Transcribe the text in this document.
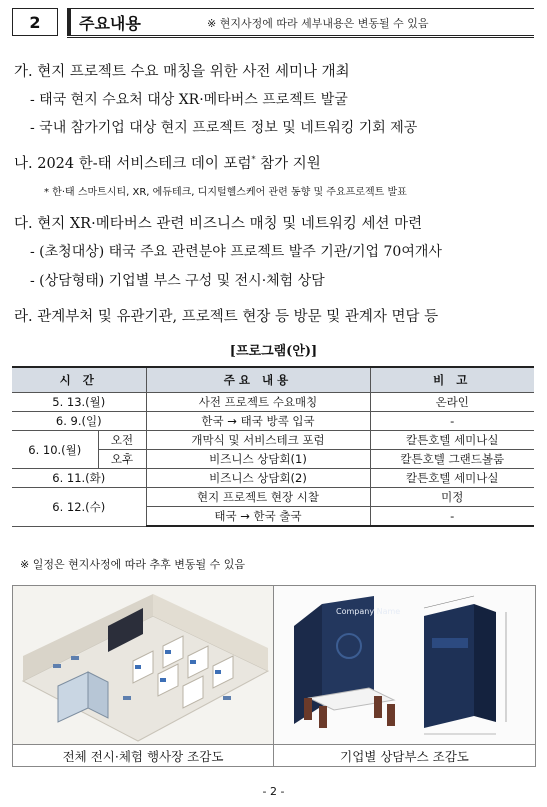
2	주요내용	※ 현지사정에 따라 세부내용은 변동될 수 있음
가. 현지 프로젝트 수요 매칭을 위한 사전 세미나 개최
- 태국 현지 수요처 대상 XR·메타버스 프로젝트 발굴
- 국내 참가기업 대상 현지 프로젝트 정보 및 네트워킹 기회 제공
나. 2024 한-태 서비스테크 데이 포럼* 참가 지원
* 한·태 스마트시티, XR, 에듀테크, 디지털헬스케어 관련 동향 및 주요프로젝트 발표
다. 현지 XR·메타버스 관련 비즈니스 매칭 및 네트워킹 세션 마련
- (초청대상) 태국 주요 관련분야 프로젝트 발주 기관/기업 70여개사
- (상담형태) 기업별 부스 구성 및 전시·체험 상담
라. 관계부처 및 유관기관, 프로젝트 현장 등 방문 및 관계자 면담 등
[프로그램(안)]
시 간		주요 내용	비 고
5. 13.(월)		사전 프로젝트 수요매칭	온라인
6. 9.(일)		한국 → 태국 방콕 입국	-
6. 10.(월)	오전	개막식 및 서비스테크 포럼	칼튼호텔 세미나실
	오후	비즈니스 상담회(1)	칼튼호텔 그랜드볼룸
6. 11.(화)		비즈니스 상담회(2)	칼튼호텔 세미나실
6. 12.(수)		현지 프로젝트 현장 시찰	미정
		태국 → 한국 출국	-
※ 일정은 현지사정에 따라 추후 변동될 수 있음
Company Name
전체 전시·체험 행사장 조감도	기업별 상담부스 조감도
- 2 -
